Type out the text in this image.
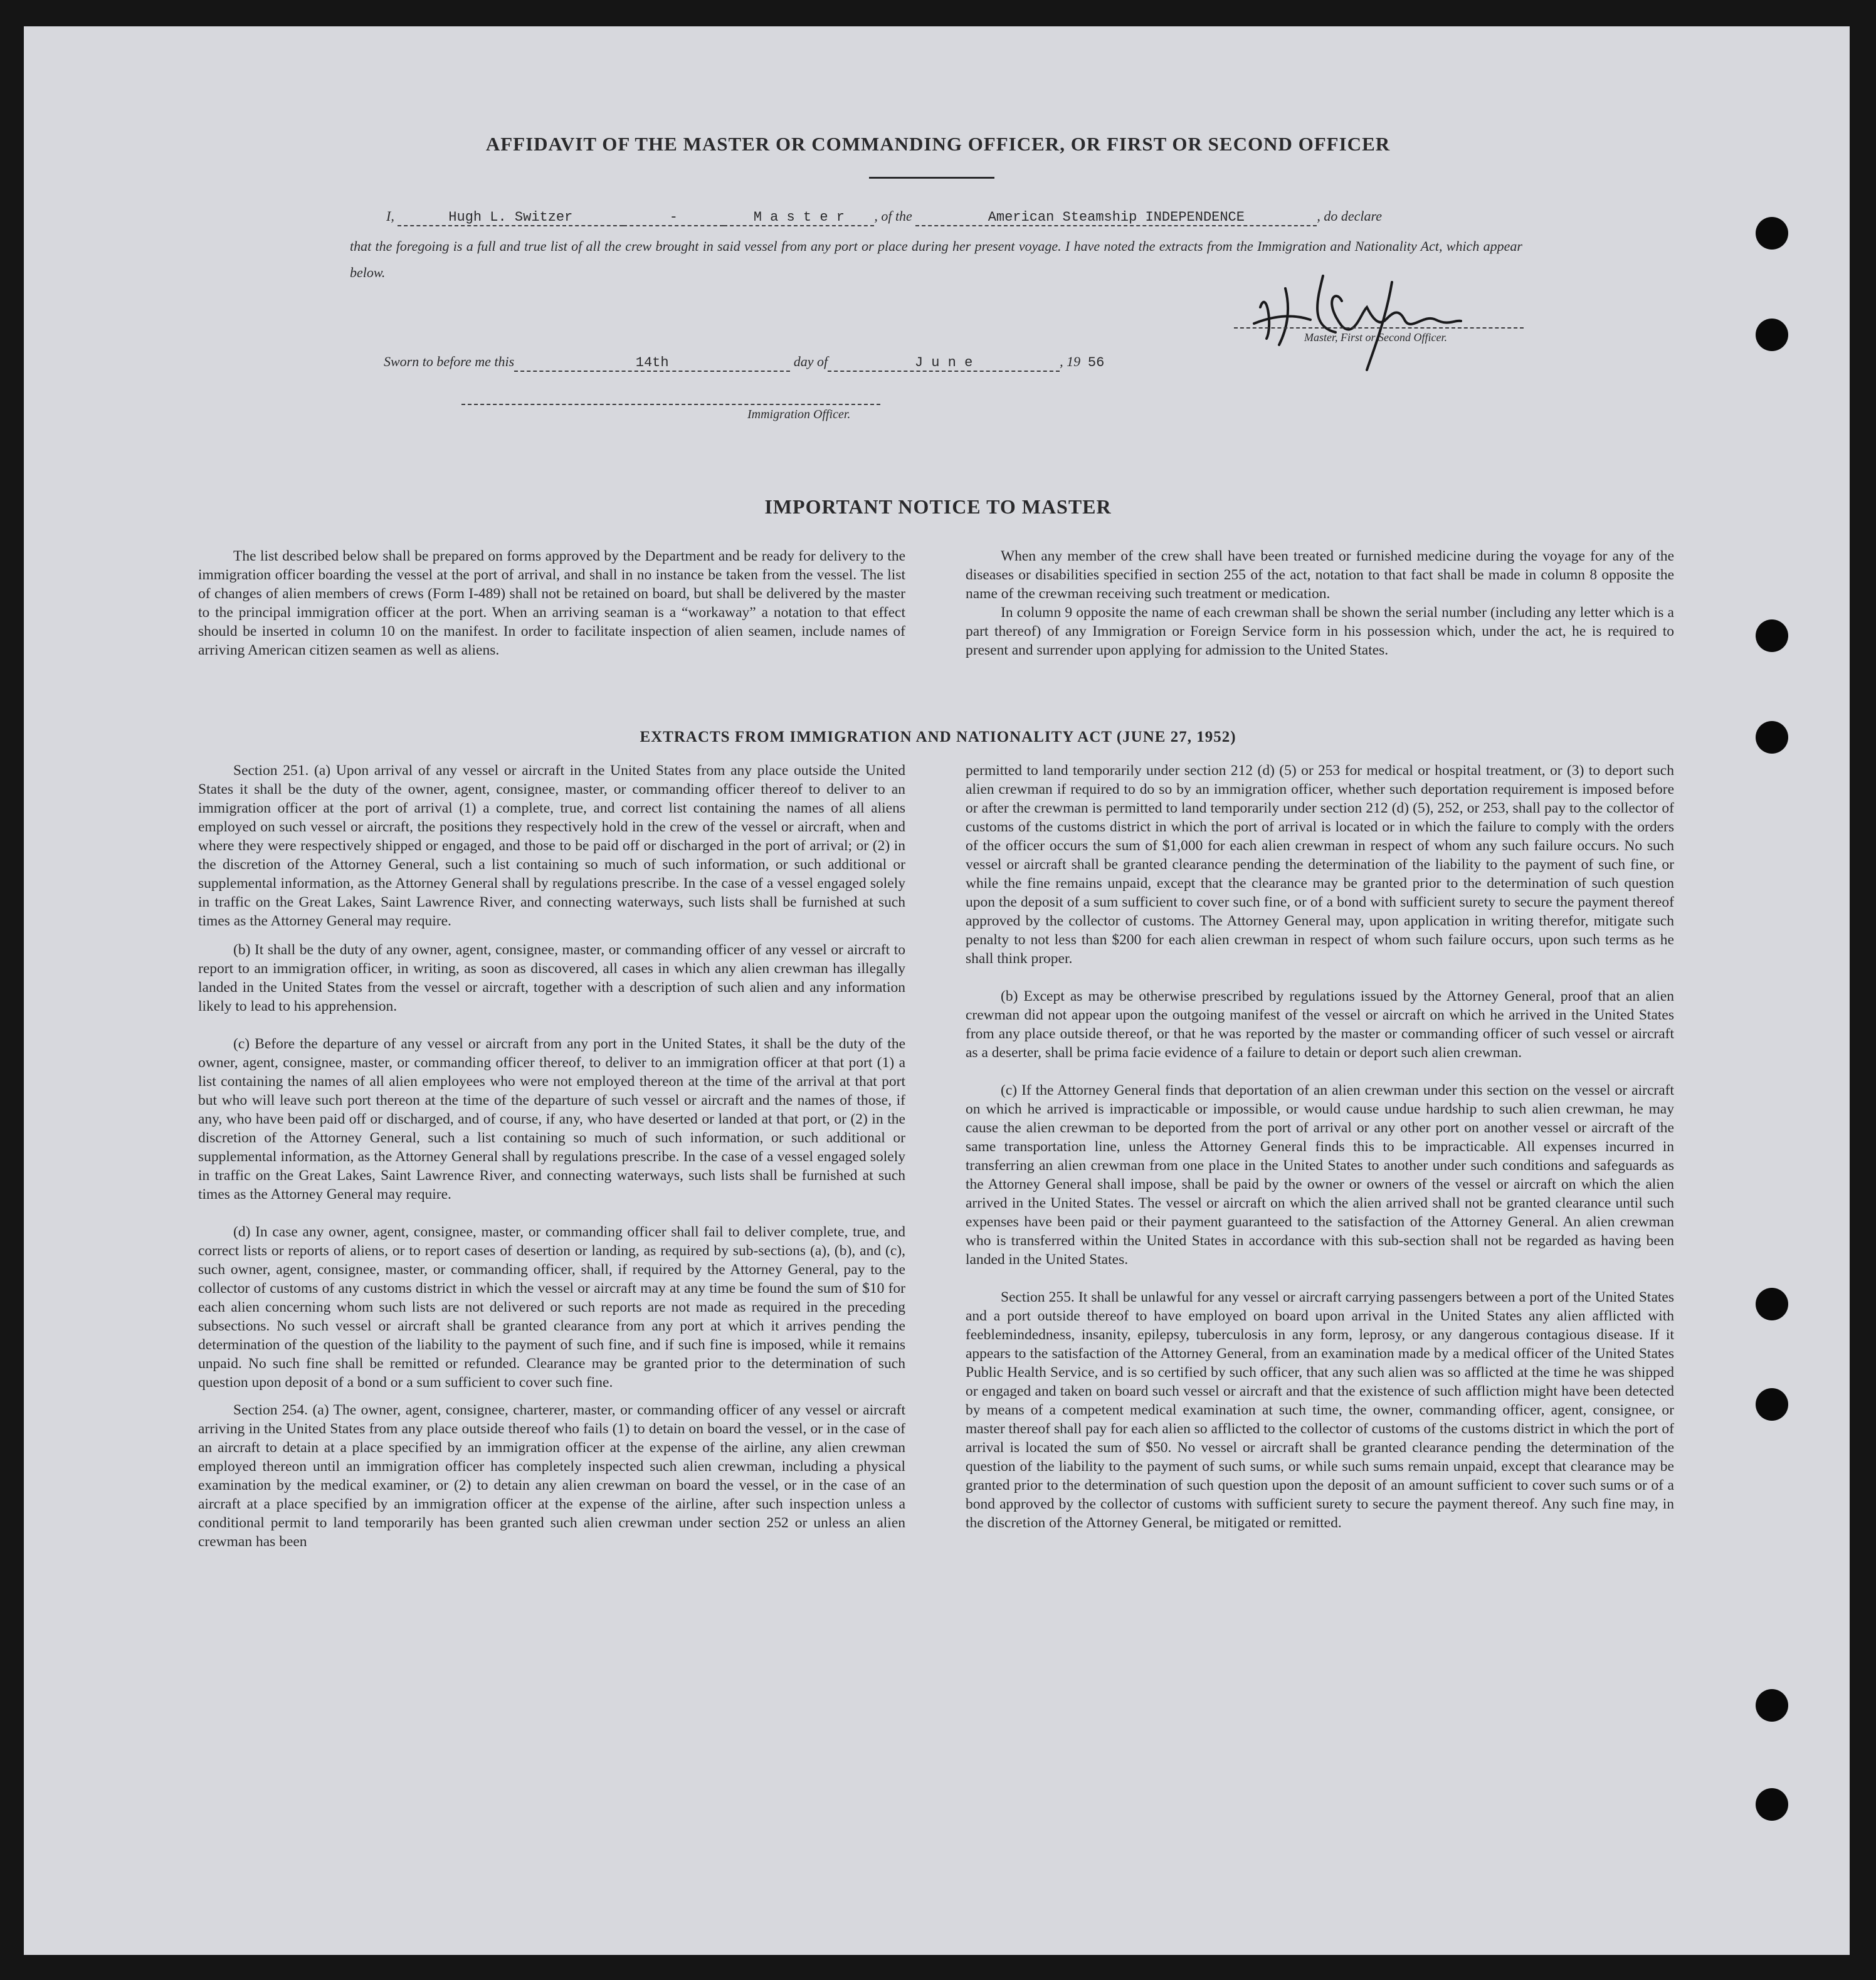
AFFIDAVIT OF THE MASTER OR COMMANDING OFFICER, OR FIRST OR SECOND OFFICER
I,	Hugh L. Switzer	-	M a s t e r , of the	American Steamship INDEPENDENCE	, do declare
that the foregoing is a full and true list of all the crew brought in said vessel from any port or place during her present voyage. I have noted the extracts from the Immigration and Nationality Act, which appear below.
Master, First or Second Officer.
Sworn to before me this	14th	day of	J u n e	, 19 56
Immigration Officer.
IMPORTANT NOTICE TO MASTER

The list described below shall be prepared on forms approved by the Department and be ready for delivery to the immigration officer boarding the vessel at the port of arrival, and shall in no instance be taken from the vessel. The list of changes of alien members of crews (Form I-489) shall not be retained on board, but shall be delivered by the master to the principal immigration officer at the port. When an arriving seaman is a “workaway” a notation to that effect should be inserted in column 10 on the manifest. In order to facilitate inspection of alien seamen, include names of arriving American citizen seamen as well as aliens.

When any member of the crew shall have been treated or furnished medicine during the voyage for any of the diseases or disabilities specified in section 255 of the act, notation to that fact shall be made in column 8 opposite the name of the crewman receiving such treatment or medication.

In column 9 opposite the name of each crewman shall be shown the serial number (including any letter which is a part thereof) of any Immigration or Foreign Service form in his possession which, under the act, he is required to present and surrender upon applying for admission to the United States.

EXTRACTS FROM IMMIGRATION AND NATIONALITY ACT (JUNE 27, 1952)

Section 251. (a) Upon arrival of any vessel or aircraft in the United States from any place outside the United States it shall be the duty of the owner, agent, consignee, master, or commanding officer thereof to deliver to an immigration officer at the port of arrival (1) a complete, true, and correct list containing the names of all aliens employed on such vessel or aircraft, the positions they respectively hold in the crew of the vessel or aircraft, when and where they were respectively shipped or engaged, and those to be paid off or discharged in the port of arrival; or (2) in the discretion of the Attorney General, such a list containing so much of such information, or such additional or supplemental information, as the Attorney General shall by regulations prescribe. In the case of a vessel engaged solely in traffic on the Great Lakes, Saint Lawrence River, and connecting waterways, such lists shall be furnished at such times as the Attorney General may require.

(b) It shall be the duty of any owner, agent, consignee, master, or commanding officer of any vessel or aircraft to report to an immigration officer, in writing, as soon as discovered, all cases in which any alien crewman has illegally landed in the United States from the vessel or aircraft, together with a description of such alien and any information likely to lead to his apprehension.

(c) Before the departure of any vessel or aircraft from any port in the United States, it shall be the duty of the owner, agent, consignee, master, or commanding officer thereof, to deliver to an immigration officer at that port (1) a list containing the names of all alien employees who were not employed thereon at the time of the arrival at that port but who will leave such port thereon at the time of the departure of such vessel or aircraft and the names of those, if any, who have been paid off or discharged, and of course, if any, who have deserted or landed at that port, or (2) in the discretion of the Attorney General, such a list containing so much of such information, or such additional or supplemental information, as the Attorney General shall by regulations prescribe. In the case of a vessel engaged solely in traffic on the Great Lakes, Saint Lawrence River, and connecting waterways, such lists shall be furnished at such times as the Attorney General may require.

(d) In case any owner, agent, consignee, master, or commanding officer shall fail to deliver complete, true, and correct lists or reports of aliens, or to report cases of desertion or landing, as required by sub-sections (a), (b), and (c), such owner, agent, consignee, master, or commanding officer, shall, if required by the Attorney General, pay to the collector of customs of any customs district in which the vessel or aircraft may at any time be found the sum of $10 for each alien concerning whom such lists are not delivered or such reports are not made as required in the preceding subsections. No such vessel or aircraft shall be granted clearance from any port at which it arrives pending the determination of the question of the liability to the payment of such fine, and if such fine is imposed, while it remains unpaid. No such fine shall be remitted or refunded. Clearance may be granted prior to the determination of such question upon deposit of a bond or a sum sufficient to cover such fine.

Section 254. (a) The owner, agent, consignee, charterer, master, or commanding officer of any vessel or aircraft arriving in the United States from any place outside thereof who fails (1) to detain on board the vessel, or in the case of an aircraft to detain at a place specified by an immigration officer at the expense of the airline, any alien crewman employed thereon until an immigration officer has completely inspected such alien crewman, including a physical examination by the medical examiner, or (2) to detain any alien crewman on board the vessel, or in the case of an aircraft at a place specified by an immigration officer at the expense of the airline, after such inspection unless a conditional permit to land temporarily has been granted such alien crewman under section 252 or unless an alien crewman has been

permitted to land temporarily under section 212 (d) (5) or 253 for medical or hospital treatment, or (3) to deport such alien crewman if required to do so by an immigration officer, whether such deportation requirement is imposed before or after the crewman is permitted to land temporarily under section 212 (d) (5), 252, or 253, shall pay to the collector of customs of the customs district in which the port of arrival is located or in which the failure to comply with the orders of the officer occurs the sum of $1,000 for each alien crewman in respect of whom any such failure occurs. No such vessel or aircraft shall be granted clearance pending the determination of the liability to the payment of such fine, or while the fine remains unpaid, except that the clearance may be granted prior to the determination of such question upon the deposit of a sum sufficient to cover such fine, or of a bond with sufficient surety to secure the payment thereof approved by the collector of customs. The Attorney General may, upon application in writing therefor, mitigate such penalty to not less than $200 for each alien crewman in respect of whom such failure occurs, upon such terms as he shall think proper.

(b) Except as may be otherwise prescribed by regulations issued by the Attorney General, proof that an alien crewman did not appear upon the outgoing manifest of the vessel or aircraft on which he arrived in the United States from any place outside thereof, or that he was reported by the master or commanding officer of such vessel or aircraft as a deserter, shall be prima facie evidence of a failure to detain or deport such alien crewman.

(c) If the Attorney General finds that deportation of an alien crewman under this section on the vessel or aircraft on which he arrived is impracticable or impossible, or would cause undue hardship to such alien crewman, he may cause the alien crewman to be deported from the port of arrival or any other port on another vessel or aircraft of the same transportation line, unless the Attorney General finds this to be impracticable. All expenses incurred in transferring an alien crewman from one place in the United States to another under such conditions and safeguards as the Attorney General shall impose, shall be paid by the owner or owners of the vessel or aircraft on which the alien arrived in the United States. The vessel or aircraft on which the alien arrived shall not be granted clearance until such expenses have been paid or their payment guaranteed to the satisfaction of the Attorney General. An alien crewman who is transferred within the United States in accordance with this sub-section shall not be regarded as having been landed in the United States.

Section 255. It shall be unlawful for any vessel or aircraft carrying passengers between a port of the United States and a port outside thereof to have employed on board upon arrival in the United States any alien afflicted with feeblemindedness, insanity, epilepsy, tuberculosis in any form, leprosy, or any dangerous contagious disease. If it appears to the satisfaction of the Attorney General, from an examination made by a medical officer of the United States Public Health Service, and is so certified by such officer, that any such alien was so afflicted at the time he was shipped or engaged and taken on board such vessel or aircraft and that the existence of such affliction might have been detected by means of a competent medical examination at such time, the owner, commanding officer, agent, consignee, or master thereof shall pay for each alien so afflicted to the collector of customs of the customs district in which the port of arrival is located the sum of $50. No vessel or aircraft shall be granted clearance pending the determination of the question of the liability to the payment of such sums, or while such sums remain unpaid, except that clearance may be granted prior to the determination of such question upon the deposit of an amount sufficient to cover such sums or of a bond approved by the collector of customs with sufficient surety to secure the payment thereof. Any such fine may, in the discretion of the Attorney General, be mitigated or remitted.
